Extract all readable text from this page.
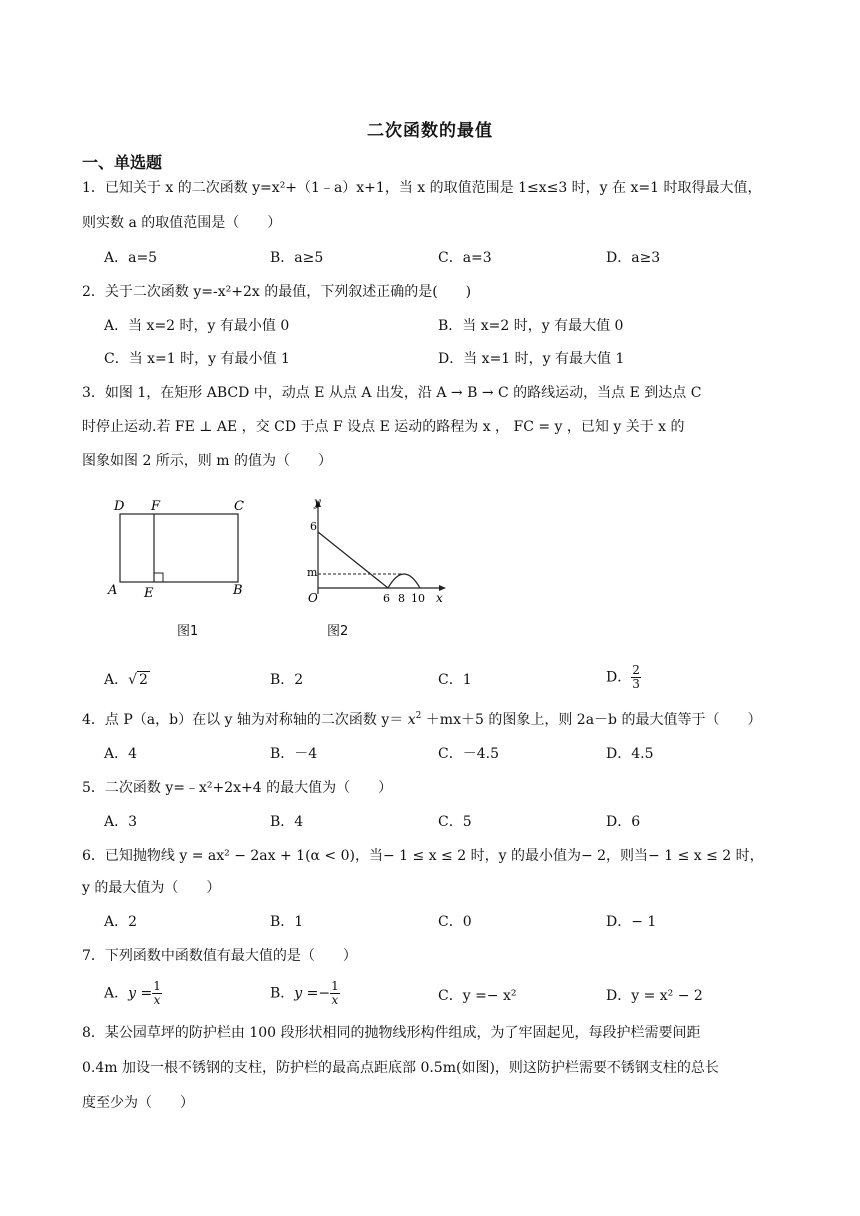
二次函数的最值
一、单选题
1．已知关于 x 的二次函数 y=x²+（1﹣a）x+1，当 x 的取值范围是 1≤x≤3 时，y 在 x=1 时取得最大值，
则实数 a 的取值范围是（　　）
A．a=5	B．a≥5	C．a=3	D．a≥3
2．关于二次函数 y=-x²+2x 的最值，下列叙述正确的是(　　)
A．当 x=2 时，y 有最小值 0	B．当 x=2 时，y 有最大值 0
C．当 x=1 时，y 有最小值 1	D．当 x=1 时，y 有最大值 1
3．如图 1，在矩形 ABCD 中，动点 E 从点 A 出发，沿 A → B → C 的路线运动，当点 E 到达点 C
时停止运动.若 FE ⊥ AE ，交 CD 于点 F 设点 E 运动的路程为 x ， FC = y ，已知 y 关于 x 的
图象如图 2 所示，则 m 的值为（　　）
D F	C
A E	B
图1
y
6
m
O	6 8 10 x
图2
A．√ 2	B．2	C．1	D． $\frac{2}{3}$
4．点 P（a，b）在以 y 轴为对称轴的二次函数 $y= x^2 +mx+5$ 的图象上，则 2a－b 的最大值等于（　　）
A．4	B．－4	C．－4.5	D．4.5
5．二次函数 y=﹣x²+2x+4 的最大值为（　　）
A．3	B．4	C．5	D．6
6．已知抛物线 y = ax² − 2ax + 1(α < 0)，当− 1 ≤ x ≤ 2 时，y 的最小值为− 2，则当− 1 ≤ x ≤ 2 时，
y 的最大值为（　　）
A．2	B．1	C．0	D．− 1
7．下列函数中函数值有最大值的是（　　）
A．$y = \frac{1}{x}$	B．$y =- \frac{1}{x}$	C．y =− x²	D．y = x² − 2
8．某公园草坪的防护栏由 100 段形状相同的抛物线形构件组成，为了牢固起见，每段护栏需要间距
0.4m 加设一根不锈钢的支柱，防护栏的最高点距底部 0.5m(如图)，则这防护栏需要不锈钢支柱的总长
度至少为（　　）
